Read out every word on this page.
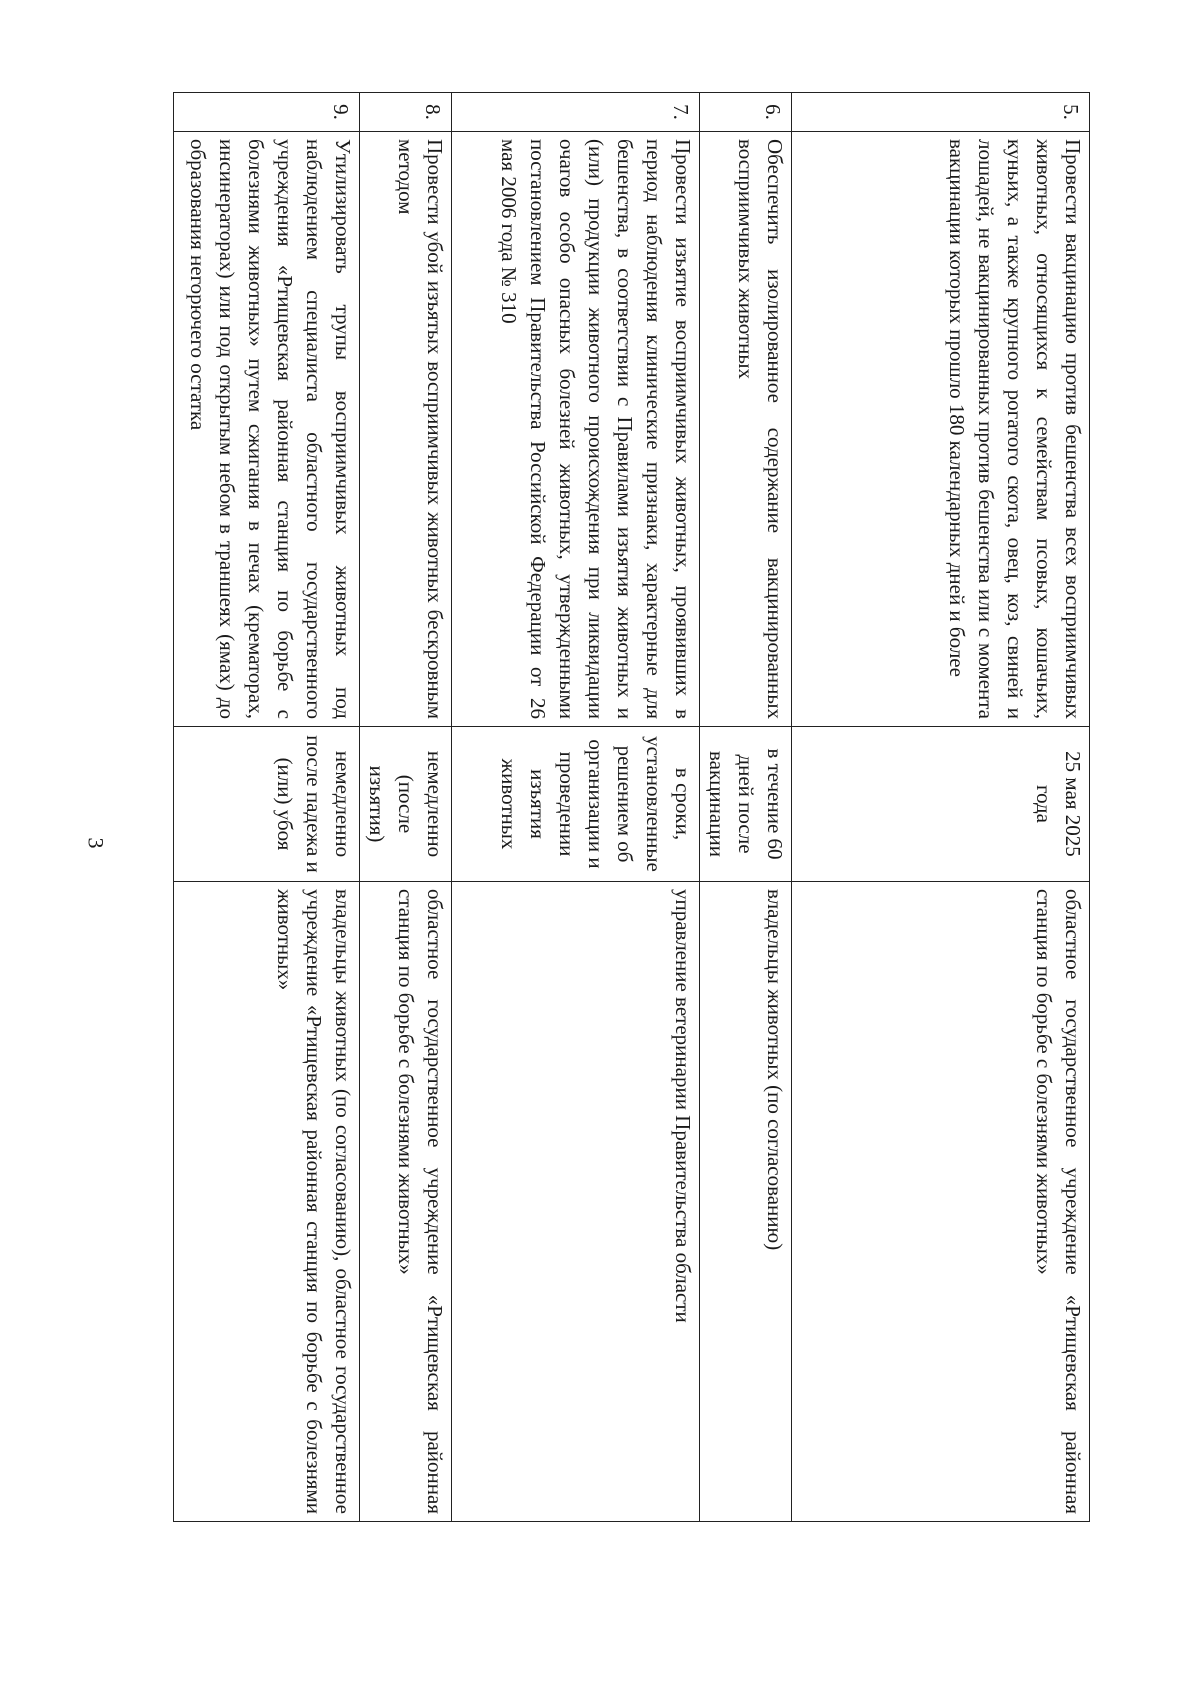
3
5.	Провести вакцинацию против бешенства всех восприимчивых животных, относящихся к семействам псовых, кошачьих, куньих, а также крупного рогатого скота, овец, коз, свиней и лошадей, не вакцинированных против бешенства или с момента вакцинации которых прошло 180 календарных дней и более	25 мая 2025 года	областное государственное учреждение «Ртищевская районная станция по борьбе с болезнями животных»
6.	Обеспечить изолированное содержание вакцинированных восприимчивых животных	в течение 60 дней после вакцинации	владельцы животных (по согласованию)
7.	Провести изъятие восприимчивых животных, проявивших в период наблюдения клинические признаки, характерные для бешенства, в соответствии с Правилами изъятия животных и (или) продукции животного происхождения при ликвидации очагов особо опасных болезней животных, утвержденными постановлением Правительства Российской Федерации от 26 мая 2006 года № 310	в сроки, установленные решением об организации и проведении изъятия животных	управление ветеринарии Правительства области
8.	Провести убой изъятых восприимчивых животных бескровным методом	немедленно (после изъятия)	областное государственное учреждение «Ртищевская районная станция по борьбе с болезнями животных»
9.	Утилизировать трупы восприимчивых животных под наблюдением специалиста областного государственного учреждения «Ртищевская районная станция по борьбе с болезнями животных» путем сжигания в печах (крематорах, инсинераторах) или под открытым небом в траншеях (ямах) до образования негорючего остатка	немедленно после падежа и (или) убоя	владельцы животных (по согласованию), областное государственное учреждение «Ртищевская районная станция по борьбе с болезнями животных»
